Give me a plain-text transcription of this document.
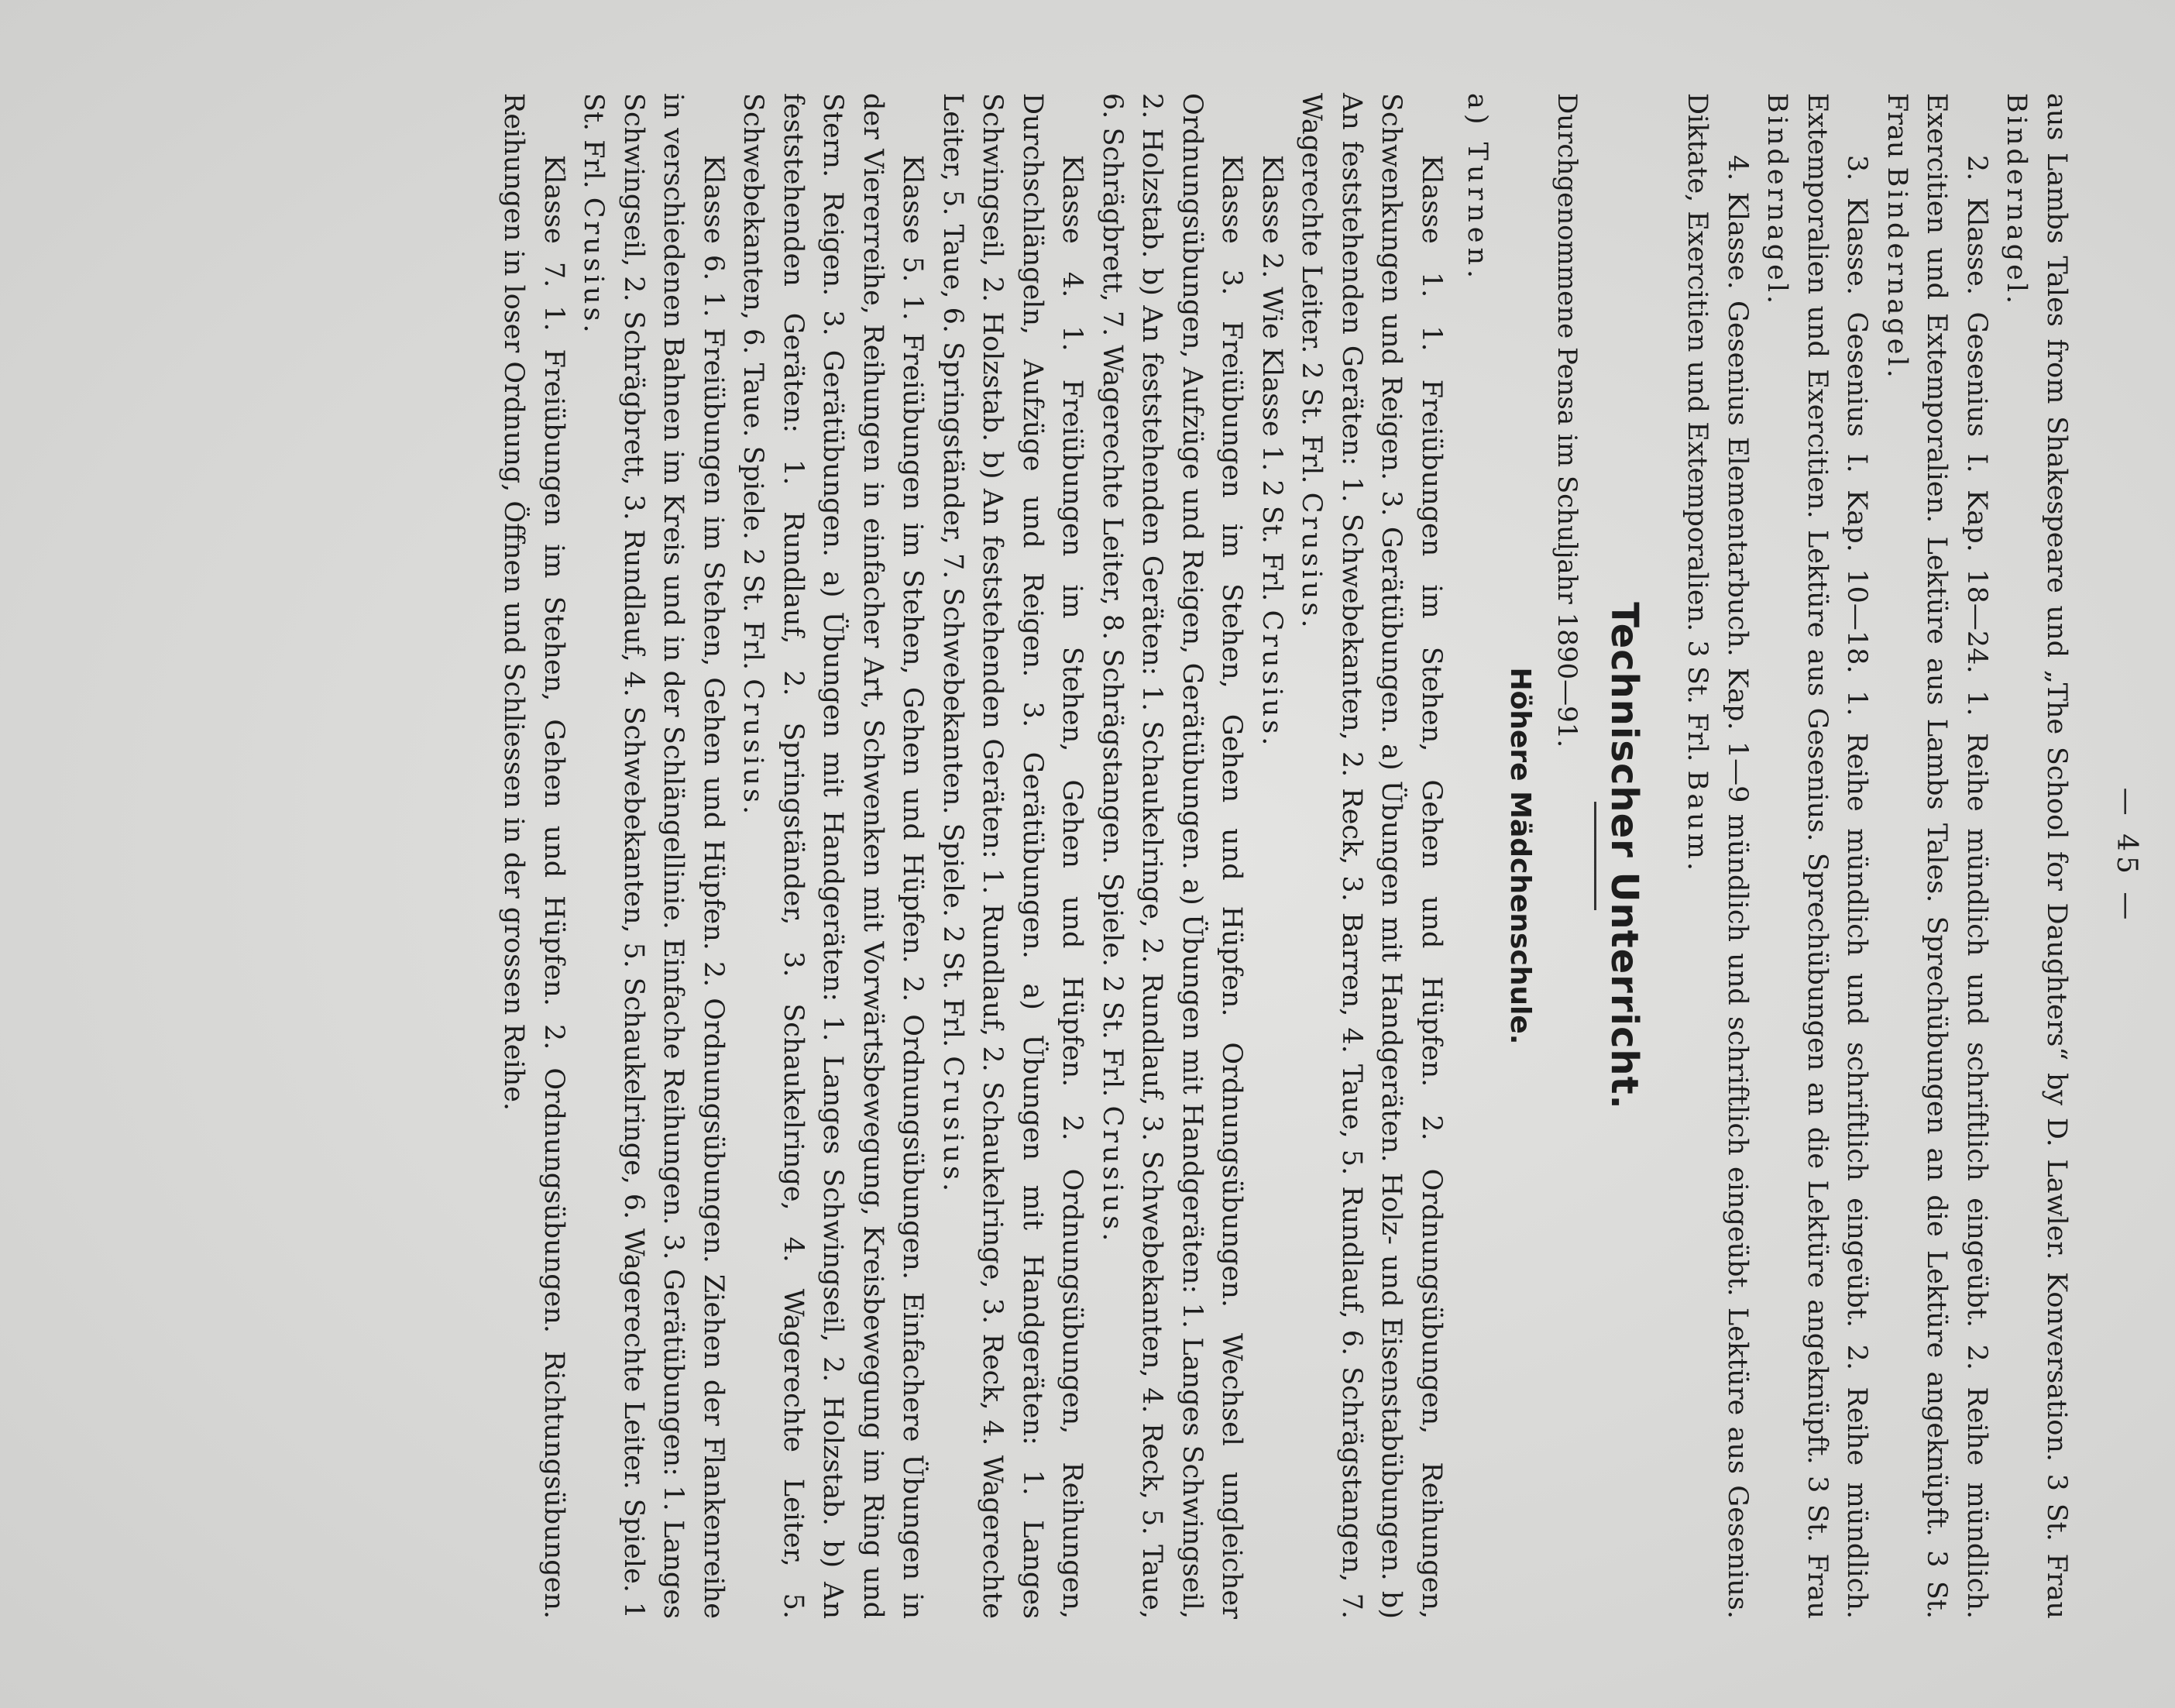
— 45 —

aus Lambs Tales from Shakespeare und „The School for Daughters“ by D. Lawler. Konversation. 3 St. Frau Bindernagel.

2. Klasse. Gesenius I. Kap. 18—24. 1. Reihe mündlich und schriftlich eingeübt. 2. Reihe mündlich. Exercitien und Extemporalien. Lektüre aus Lambs Tales. Sprechübungen an die Lektüre angeknüpft. 3 St. Frau Bindernagel.

3. Klasse. Gesenius I. Kap. 10—18. 1. Reihe mündlich und schriftlich eingeübt. 2. Reihe mündlich. Extemporalien und Exercitien. Lektüre aus Gesenius. Sprechübungen an die Lektüre angeknüpft. 3 St. Frau Bindernagel.

4. Klasse. Gesenius Elementarbuch. Kap. 1—9 mündlich und schriftlich eingeübt. Lektüre aus Gesenius. Diktate, Exercitien und Extemporalien. 3 St. Frl. Baum.

Technischer Unterricht.

Durchgenommene Pensa im Schuljahr 1890—91.

Höhere Mädchenschule.

a) Turnen.

Klasse 1. 1. Freiübungen im Stehen, Gehen und Hüpfen. 2. Ordnungsübungen, Reihungen, Schwenkungen und Reigen. 3. Gerätübungen. a) Übungen mit Handgeräten. Holz- und Eisenstabübungen. b) An feststehenden Geräten: 1. Schwebekanten, 2. Reck, 3. Barren, 4. Taue, 5. Rundlauf, 6. Schrägstangen, 7. Wagerechte Leiter. 2 St. Frl. Crusius.

Klasse 2. Wie Klasse 1. 2 St. Frl. Crusius.

Klasse 3. Freiübungen im Stehen, Gehen und Hüpfen. Ordnungsübungen. Wechsel ungleicher Ordnungsübungen, Aufzüge und Reigen, Gerätübungen. a) Übungen mit Handgeräten: 1. Langes Schwingseil, 2. Holzstab. b) An feststehenden Geräten: 1. Schaukelringe, 2. Rundlauf, 3. Schwebekanten, 4. Reck, 5. Taue, 6. Schrägbrett, 7. Wagerechte Leiter, 8. Schrägstangen. Spiele. 2 St. Frl. Crusius.

Klasse 4. 1. Freiübungen im Stehen, Gehen und Hüpfen. 2. Ordnungsübungen, Reihungen, Durchschlängeln, Aufzüge und Reigen. 3. Gerätübungen. a) Übungen mit Handgeräten: 1. Langes Schwingseil, 2. Holzstab. b) An feststehenden Geräten: 1. Rundlauf, 2. Schaukelringe, 3. Reck, 4. Wagerechte Leiter, 5. Taue, 6. Springständer, 7. Schwebekanten. Spiele. 2 St. Frl. Crusius.

Klasse 5. 1. Freiübungen im Stehen, Gehen und Hüpfen. 2. Ordnungsübungen. Einfachere Übungen in der Viererreihe, Reihungen in einfacher Art, Schwenken mit Vorwärtsbewegung, Kreisbewegung im Ring und Stern. Reigen. 3. Gerätübungen. a) Übungen mit Handgeräten: 1. Langes Schwingseil, 2. Holzstab. b) An feststehenden Geräten: 1. Rundlauf, 2. Springständer, 3. Schaukelringe, 4. Wagerechte Leiter, 5. Schwebekanten, 6. Taue. Spiele. 2 St. Frl. Crusius.

Klasse 6. 1. Freiübungen im Stehen, Gehen und Hüpfen. 2. Ordnungsübungen. Ziehen der Flankenreihe in verschiedenen Bahnen im Kreis und in der Schlängellinie. Einfache Reihungen. 3. Gerätübungen: 1. Langes Schwingseil, 2. Schrägbrett, 3. Rundlauf, 4. Schwebekanten, 5. Schaukelringe, 6. Wagerechte Leiter. Spiele. 1 St. Frl. Crusius.

Klasse 7. 1. Freiübungen im Stehen, Gehen und Hüpfen. 2. Ordnungsübungen. Richtungsübungen. Reihungen in loser Ordnung, Öffnen und Schliessen in der grossen Reihe.
